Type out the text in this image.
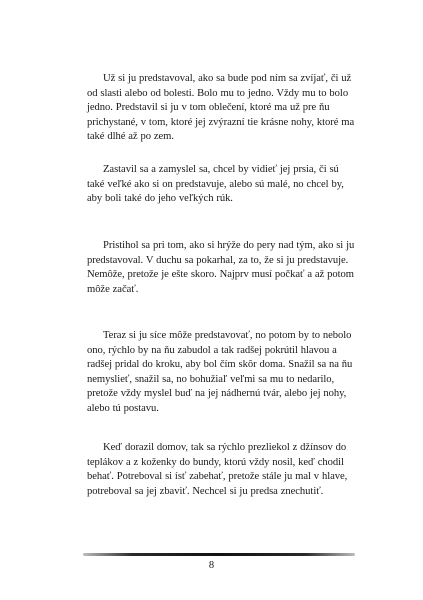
Už si ju predstavoval, ako sa bude pod ním sa zvíjať, či už od slasti alebo od bolesti. Bolo mu to jedno. Vždy mu to bolo jedno. Predstavil si ju v tom oblečení, ktoré ma už pre ňu prichystané, v tom, ktoré jej zvýrazní tie krásne nohy, ktoré ma také dlhé až po zem.

Zastavil sa a zamyslel sa, chcel by vidieť jej prsia, či sú také veľké ako si on predstavuje, alebo sú malé, no chcel by, aby boli také do jeho veľkých rúk.

Pristihol sa pri tom, ako si hrýže do pery nad tým, ako si ju predstavoval. V duchu sa pokarhal, za to, že si ju predstavuje. Nemôže, pretože je ešte skoro. Najprv musí počkať a až potom môže začať.

Teraz si ju síce môže predstavovať, no potom by to nebolo ono, rýchlo by na ňu zabudol a tak radšej pokrútil hlavou a radšej pridal do kroku, aby bol čím skôr doma. Snažil sa na ňu nemyslieť, snažil sa, no bohužiaľ veľmi sa mu to nedarilo, pretože vždy myslel buď na jej nádhernú tvár, alebo jej nohy, alebo tú postavu.

Keď dorazil domov, tak sa rýchlo prezliekol z džínsov do teplákov a z koženky do bundy, ktorú vždy nosil, keď chodil behať. Potreboval si ísť zabehať, pretože stále ju mal v hlave, potreboval sa jej zbaviť. Nechcel si ju predsa znechutiť.

8
